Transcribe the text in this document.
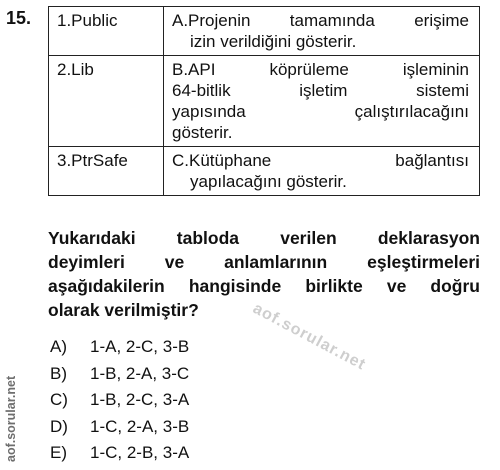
15. 1.Public	A.Projenin tamamında erişime
izin verildiğini gösterir.

2.Lib	B.API köprüleme işleminin
64-bitlik işletim sistemi
yapısında çalıştırılacağını
gösterir.

3.PtrSafe	C.Kütüphane bağlantısı
yapılacağını gösterir.
Yukarıdaki tabloda verilen deklarasyon
deyimleri ve anlamlarının eşleştirmeleri
aşağıdakilerin hangisinde birlikte ve doğru
olarak verilmiştir?
A)	1-A, 2-C, 3-B
B)	1-B, 2-A, 3-C
C)	1-B, 2-C, 3-A
D)	1-C, 2-A, 3-B
E)	1-C, 2-B, 3-A
aof.sorular.net
aof.sorular.net
